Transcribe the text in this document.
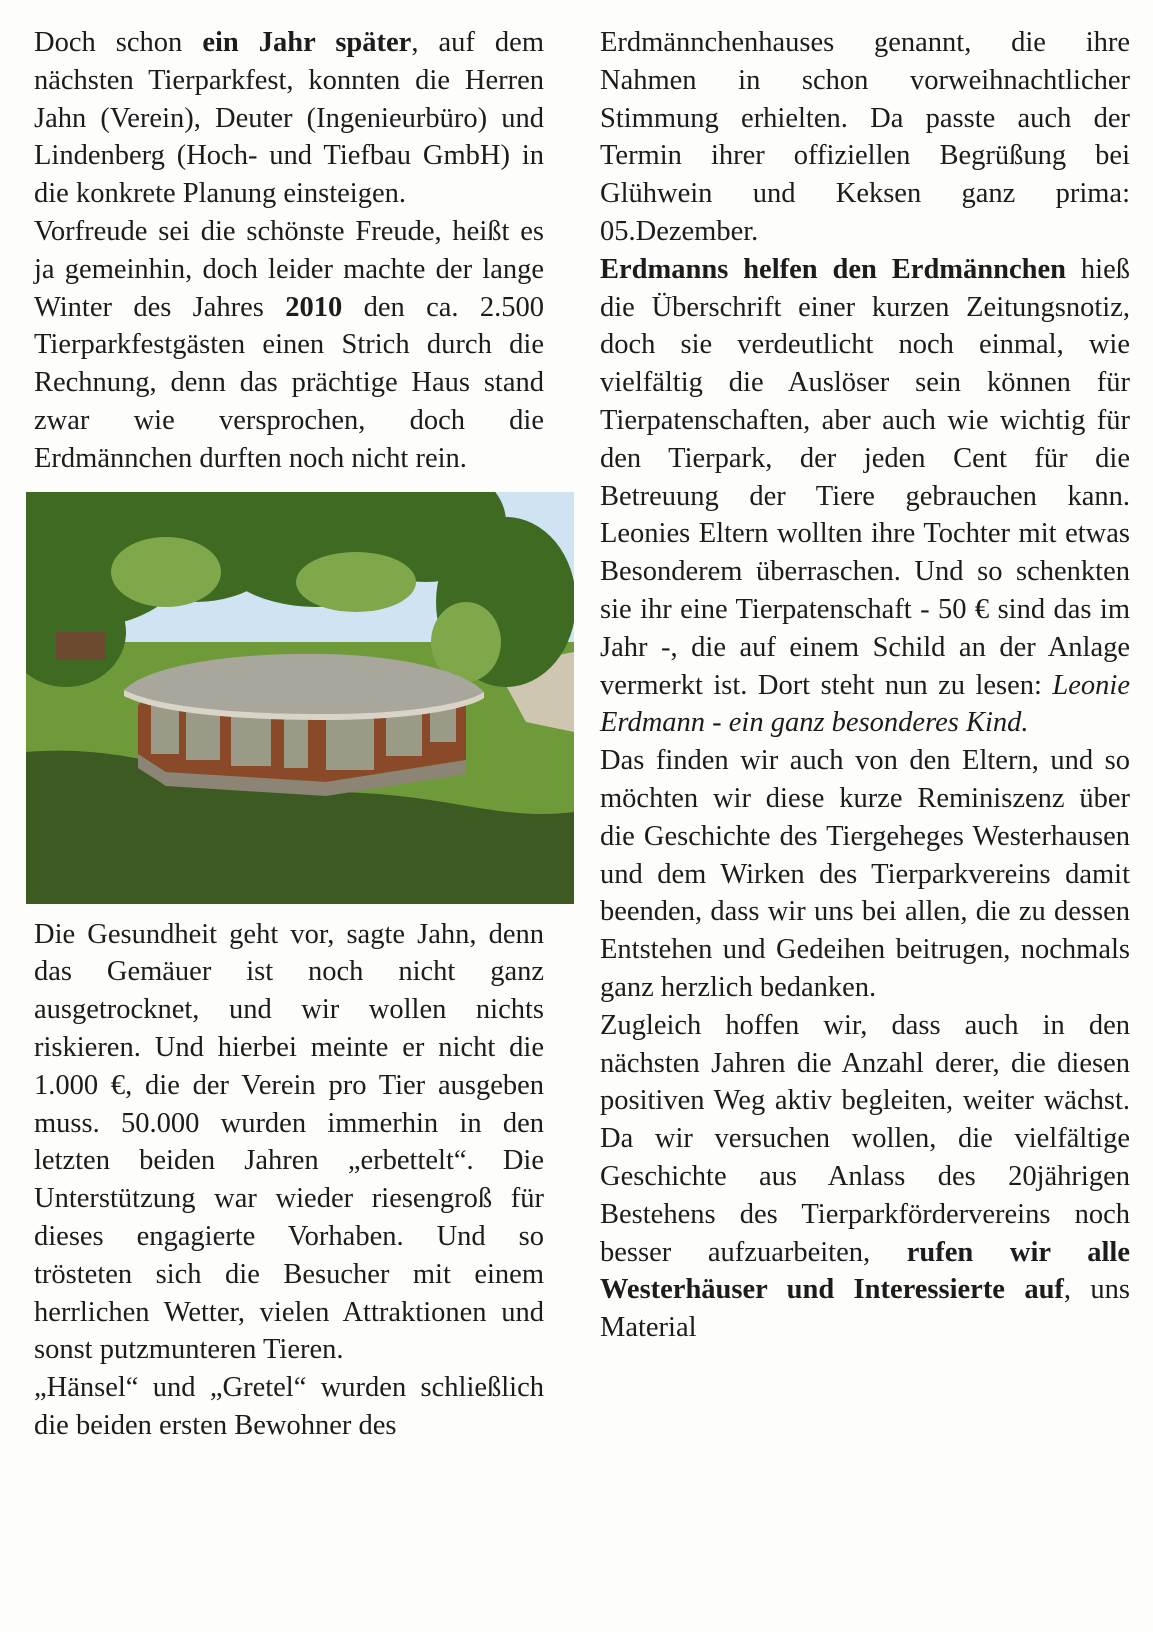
Doch schon ein Jahr später, auf dem nächsten Tierparkfest, konnten die Herren Jahn (Verein), Deuter (Ingenieurbüro) und Lindenberg (Hoch- und Tiefbau GmbH) in die konkrete Planung einsteigen.

Vorfreude sei die schönste Freude, heißt es ja gemeinhin, doch leider machte der lange Winter des Jahres 2010 den ca. 2.500 Tierparkfestgästen einen Strich durch die Rechnung, denn das prächtige Haus stand zwar wie versprochen, doch die Erdmännchen durften noch nicht rein.

Die Gesundheit geht vor, sagte Jahn, denn das Gemäuer ist noch nicht ganz ausgetrocknet, und wir wollen nichts riskieren. Und hierbei meinte er nicht die 1.000 €, die der Verein pro Tier ausgeben muss. 50.000 wurden immerhin in den letzten beiden Jahren „erbettelt“. Die Unterstützung war wieder riesengroß für dieses engagierte Vorhaben. Und so trösteten sich die Besucher mit einem herrlichen Wetter, vielen Attraktionen und sonst putzmunteren Tieren.

„Hänsel“ und „Gretel“ wurden schließlich die beiden ersten Bewohner des

Erdmännchenhauses genannt, die ihre Nahmen in schon vorweihnachtlicher Stimmung erhielten. Da passte auch der Termin ihrer offiziellen Begrüßung bei Glühwein und Keksen ganz prima: 05.Dezember.

Erdmanns helfen den Erdmännchen hieß die Überschrift einer kurzen Zeitungsnotiz, doch sie verdeutlicht noch einmal, wie vielfältig die Auslöser sein können für Tierpatenschaften, aber auch wie wichtig für den Tierpark, der jeden Cent für die Betreuung der Tiere gebrauchen kann. Leonies Eltern wollten ihre Tochter mit etwas Besonderem überraschen. Und so schenkten sie ihr eine Tierpatenschaft - 50 € sind das im Jahr -, die auf einem Schild an der Anlage vermerkt ist. Dort steht nun zu lesen: Leonie Erdmann - ein ganz besonderes Kind.

Das finden wir auch von den Eltern, und so möchten wir diese kurze Reminiszenz über die Geschichte des Tiergeheges Westerhausen und dem Wirken des Tierparkvereins damit beenden, dass wir uns bei allen, die zu dessen Entstehen und Gedeihen beitrugen, nochmals ganz herzlich bedanken.

Zugleich hoffen wir, dass auch in den nächsten Jahren die Anzahl derer, die diesen positiven Weg aktiv begleiten, weiter wächst. Da wir versuchen wollen, die vielfältige Geschichte aus Anlass des 20jährigen Bestehens des Tierparkfördervereins noch besser aufzuarbeiten, rufen wir alle Westerhäuser und Interessierte auf, uns Material
